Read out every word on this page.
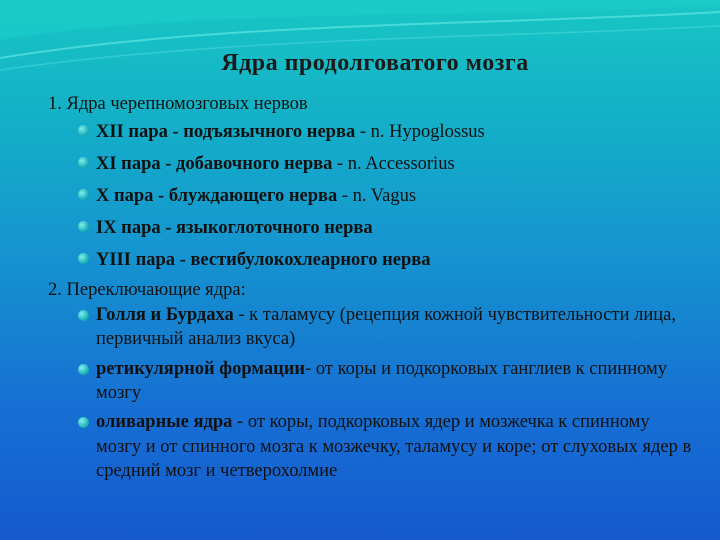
Ядра продолговатого мозга

1. Ядра черепномозговых нервов

XII пара - подъязычного нерва - n. Hypoglossus
XI пара - добавочного нерва - n. Accessorius
X пара - блуждающего нерва - n. Vagus
IX пара - языкоглоточного нерва
YIII пара - вестибулокохлеарного нерва

2. Переключающие ядра:

Голля и Бурдаха - к таламусу (рецепция кожной чувствительности лица, первичный анализ вкуса)
ретикулярной формации- от коры и подкорковых ганглиев к спинному мозгу
оливарные ядра - от коры, подкорковых ядер и мозжечка к спинному мозгу и от спинного мозга к мозжечку, таламусу и коре; от слуховых ядер в средний мозг и четверохолмие
